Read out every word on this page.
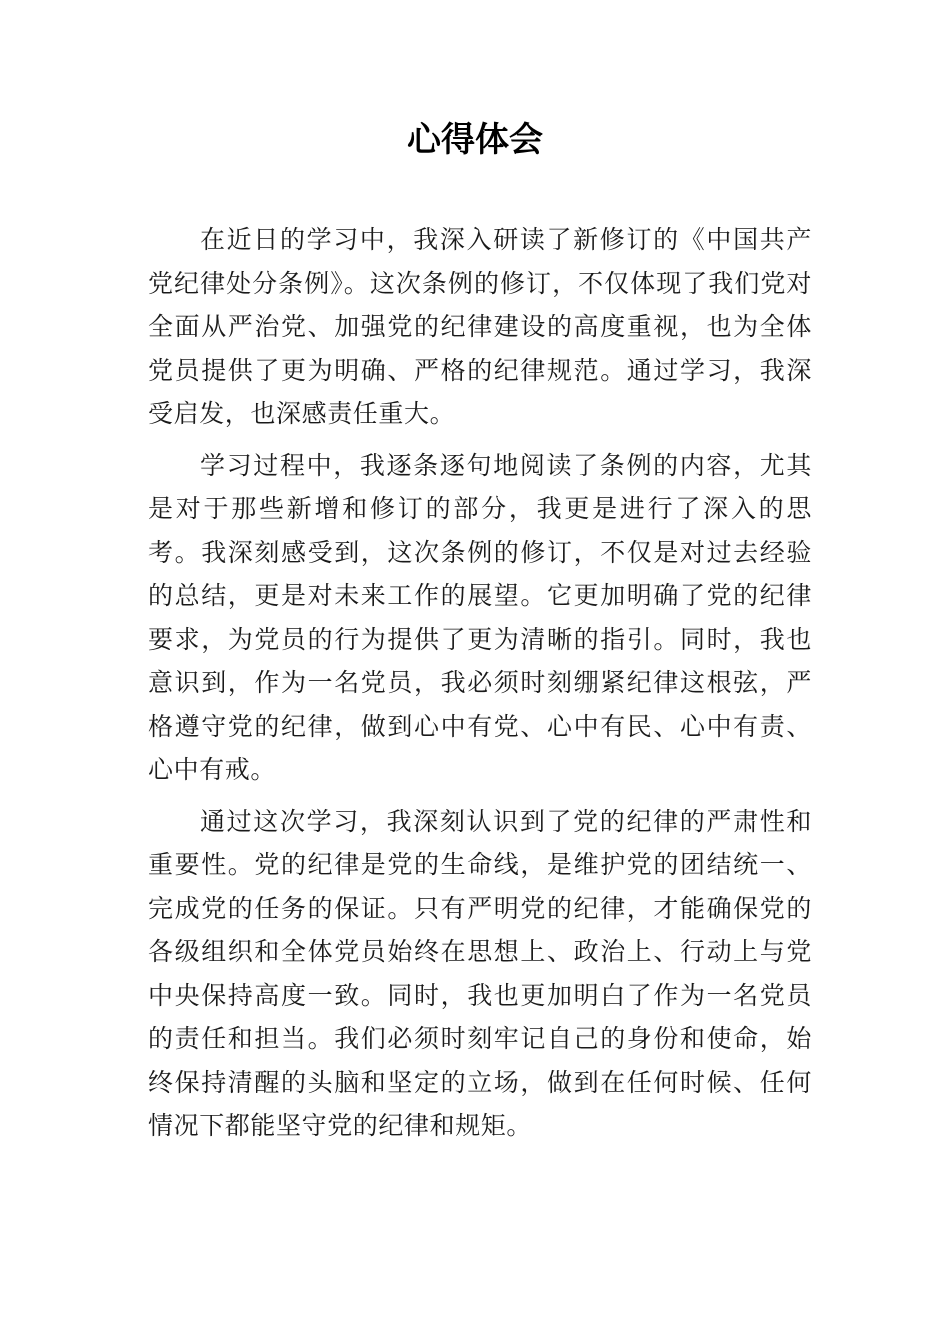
心得体会

在近日的学习中，我深入研读了新修订的《中国共产党纪律处分条例》。这次条例的修订，不仅体现了我们党对全面从严治党、加强党的纪律建设的高度重视，也为全体党员提供了更为明确、严格的纪律规范。通过学习，我深受启发，也深感责任重大。

学习过程中，我逐条逐句地阅读了条例的内容，尤其是对于那些新增和修订的部分，我更是进行了深入的思考。我深刻感受到，这次条例的修订，不仅是对过去经验的总结，更是对未来工作的展望。它更加明确了党的纪律要求，为党员的行为提供了更为清晰的指引。同时，我也意识到，作为一名党员，我必须时刻绷紧纪律这根弦，严格遵守党的纪律，做到心中有党、心中有民、心中有责、心中有戒。

通过这次学习，我深刻认识到了党的纪律的严肃性和重要性。党的纪律是党的生命线，是维护党的团结统一、完成党的任务的保证。只有严明党的纪律，才能确保党的各级组织和全体党员始终在思想上、政治上、行动上与党中央保持高度一致。同时，我也更加明白了作为一名党员的责任和担当。我们必须时刻牢记自己的身份和使命，始终保持清醒的头脑和坚定的立场，做到在任何时候、任何情况下都能坚守党的纪律和规矩。
